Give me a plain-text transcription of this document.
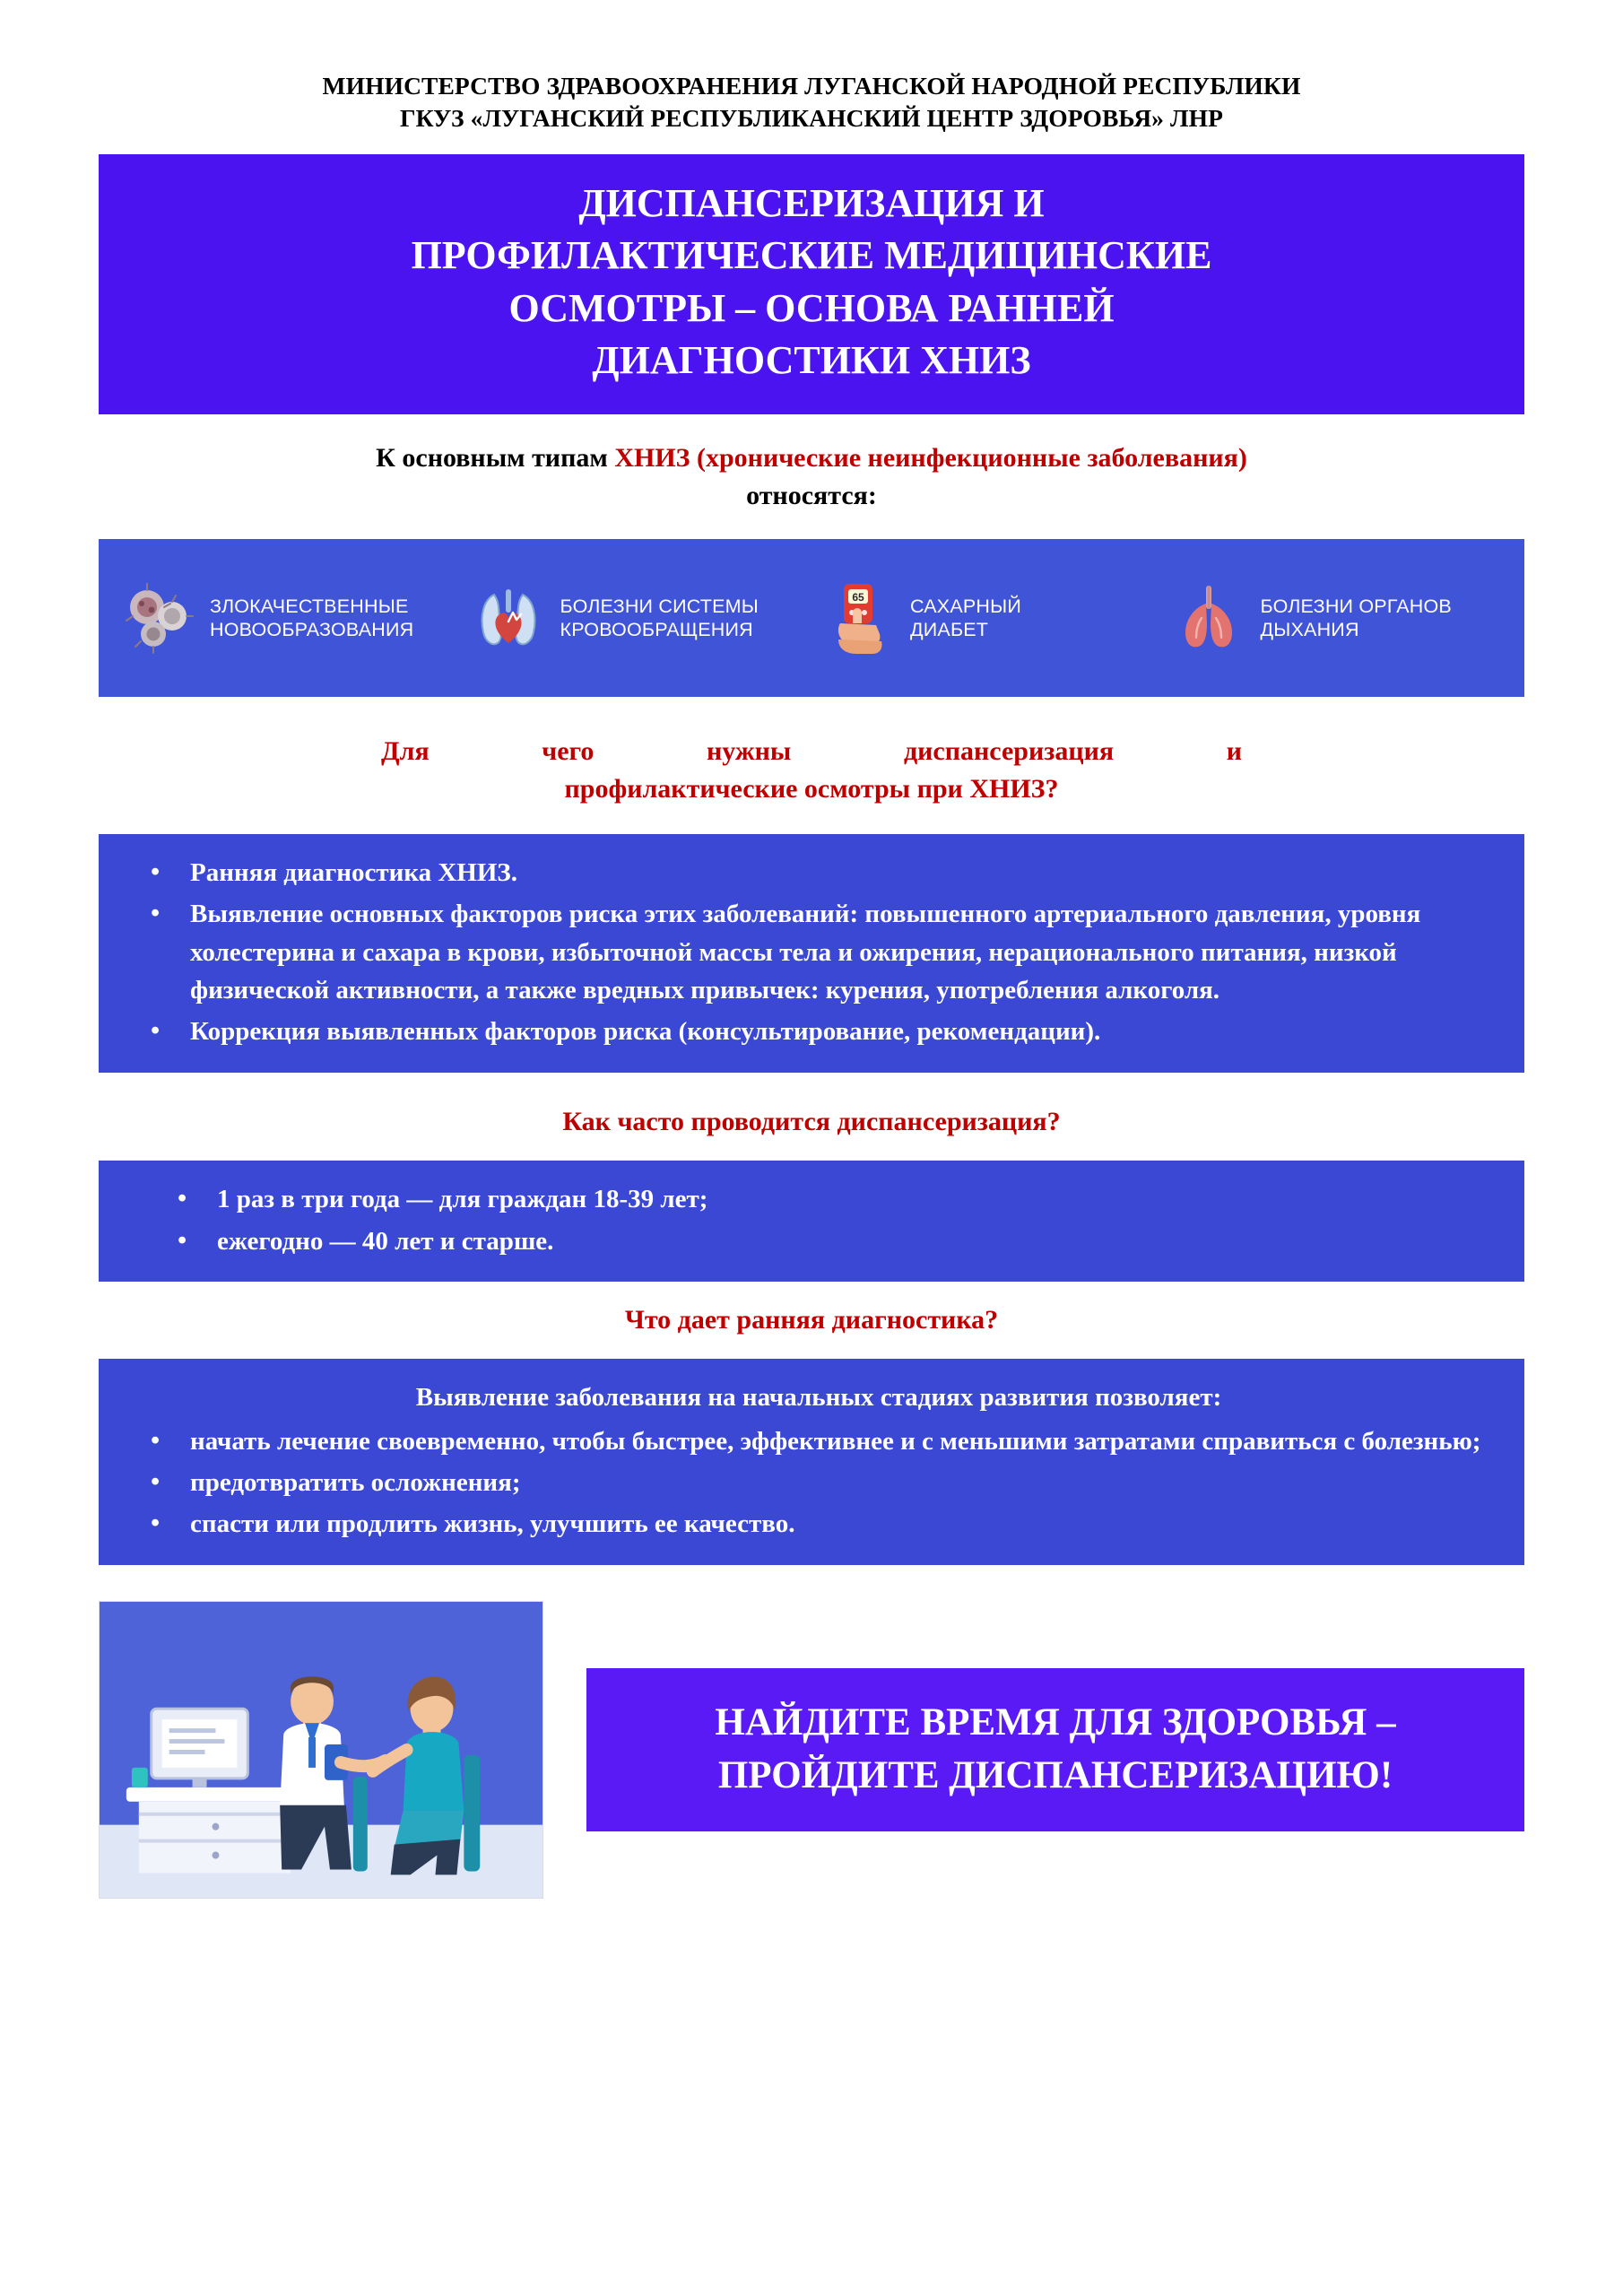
МИНИСТЕРСТВО ЗДРАВООХРАНЕНИЯ ЛУГАНСКОЙ НАРОДНОЙ РЕСПУБЛИКИ
ГКУЗ «ЛУГАНСКИЙ РЕСПУБЛИКАНСКИЙ ЦЕНТР ЗДОРОВЬЯ» ЛНР
ДИСПАНСЕРИЗАЦИЯ И
ПРОФИЛАКТИЧЕСКИЕ МЕДИЦИНСКИЕ
ОСМОТРЫ – ОСНОВА РАННЕЙ
ДИАГНОСТИКИ ХНИЗ

К основным типам ХНИЗ (хронические неинфекционные заболевания) относятся:

ЗЛОКАЧЕСТВЕННЫЕ
НОВООБРАЗОВАНИЯ
БОЛЕЗНИ СИСТЕМЫ
КРОВООБРАЩЕНИЯ
65 САХАРНЫЙ
ДИАБЕТ
БОЛЕЗНИ ОРГАНОВ
ДЫХАНИЯ
Для чего нужны диспансеризация и
профилактические осмотры при ХНИЗ?
• Ранняя диагностика ХНИЗ.
• Выявление основных факторов риска этих заболеваний: повышенного артериального давления, уровня холестерина и сахара в крови, избыточной массы тела и ожирения, нерационального питания, низкой физической активности, а также вредных привычек: курения, употребления алкоголя.
• Коррекция выявленных факторов риска (консультирование, рекомендации).
Как часто проводится диспансеризация?
• 1 раз в три года — для граждан 18-39 лет;
• ежегодно — 40 лет и старше.
Что дает ранняя диагностика?
Выявление заболевания на начальных стадиях развития позволяет:
• начать лечение своевременно, чтобы быстрее, эффективнее и с меньшими затратами справиться с болезнью;
• предотвратить осложнения;
• спасти или продлить жизнь, улучшить ее качество.
НАЙДИТЕ ВРЕМЯ ДЛЯ ЗДОРОВЬЯ –
ПРОЙДИТЕ ДИСПАНСЕРИЗАЦИЮ!
